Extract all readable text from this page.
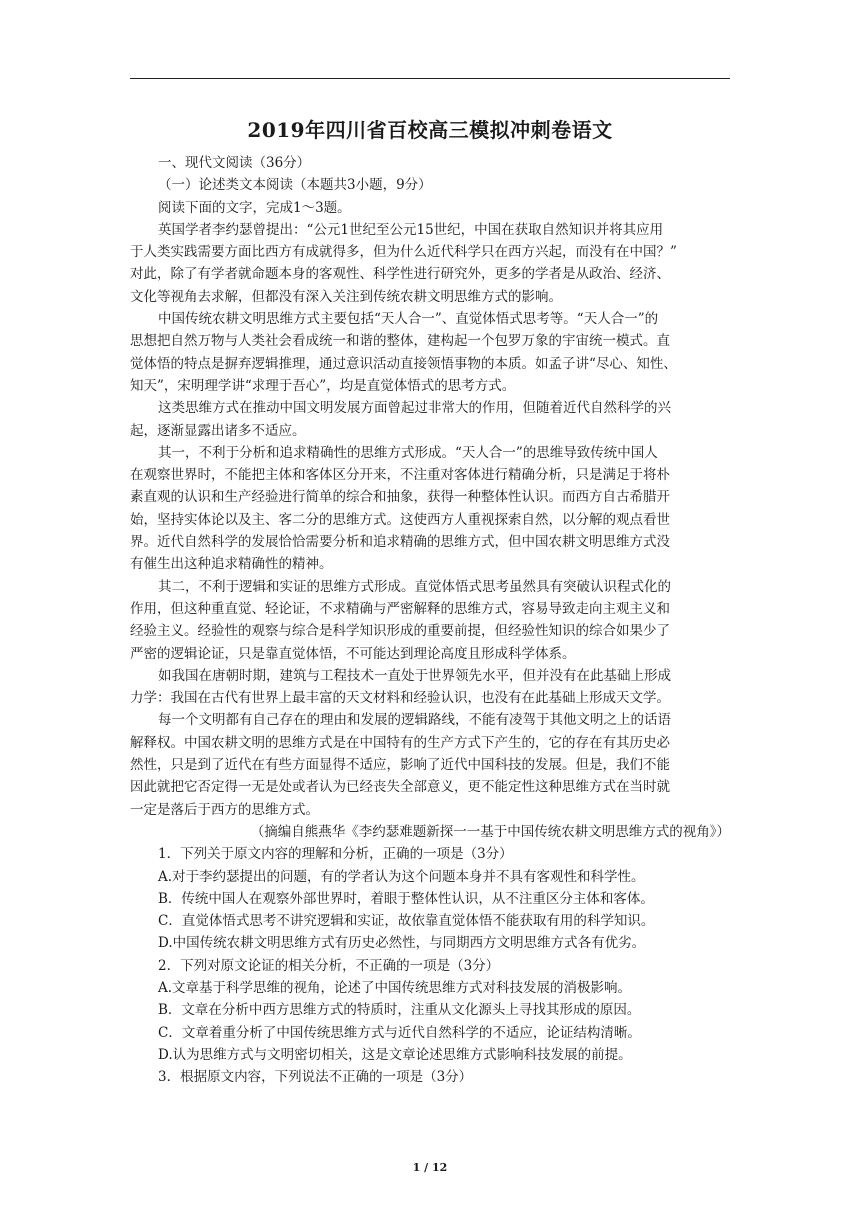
2019年四川省百校高三模拟冲刺卷语文
一、现代文阅读（36分）
（一）论述类文本阅读（本题共3小题，9分）
阅读下面的文字，完成1～3题。
英国学者李约瑟曾提出：“公元1世纪至公元15世纪，中国在获取自然知识并将其应用
于人类实践需要方面比西方有成就得多，但为什么近代科学只在西方兴起，而没有在中国？”
对此，除了有学者就命题本身的客观性、科学性进行研究外，更多的学者是从政治、经济、
文化等视角去求解，但都没有深入关注到传统农耕文明思维方式的影响。
中国传统农耕文明思维方式主要包括“天人合一”、直觉体悟式思考等。“天人合一”的
思想把自然万物与人类社会看成统一和谐的整体，建构起一个包罗万象的宇宙统一模式。直
觉体悟的特点是摒弃逻辑推理，通过意识活动直接领悟事物的本质。如孟子讲“尽心、知性、
知天”，宋明理学讲“求理于吾心”，均是直觉体悟式的思考方式。
这类思维方式在推动中国文明发展方面曾起过非常大的作用，但随着近代自然科学的兴
起，逐渐显露出诸多不适应。
其一，不利于分析和追求精确性的思维方式形成。“天人合一”的思维导致传统中国人
在观察世界时，不能把主体和客体区分开来，不注重对客体进行精确分析，只是满足于将朴
素直观的认识和生产经验进行简单的综合和抽象，获得一种整体性认识。而西方自古希腊开
始，坚持实体论以及主、客二分的思维方式。这使西方人重视探索自然，以分解的观点看世
界。近代自然科学的发展恰恰需要分析和追求精确的思维方式，但中国农耕文明思维方式没
有催生出这种追求精确性的精神。
其二，不利于逻辑和实证的思维方式形成。直觉体悟式思考虽然具有突破认识程式化的
作用，但这种重直觉、轻论证，不求精确与严密解释的思维方式，容易导致走向主观主义和
经验主义。经验性的观察与综合是科学知识形成的重要前提，但经验性知识的综合如果少了
严密的逻辑论证，只是靠直觉体悟，不可能达到理论高度且形成科学体系。
如我国在唐朝时期，建筑与工程技术一直处于世界领先水平，但并没有在此基础上形成
力学：我国在古代有世界上最丰富的天文材料和经验认识，也没有在此基础上形成天文学。
每一个文明都有自己存在的理由和发展的逻辑路线，不能有凌驾于其他文明之上的话语
解释权。中国农耕文明的思维方式是在中国特有的生产方式下产生的，它的存在有其历史必
然性，只是到了近代在有些方面显得不适应，影响了近代中国科技的发展。但是，我们不能
因此就把它否定得一无是处或者认为已经丧失全部意义，更不能定性这种思维方式在当时就
一定是落后于西方的思维方式。
（摘编自熊燕华《李约瑟难题新探一一基于中国传统农耕文明思维方式的视角》）
1．下列关于原文内容的理解和分析，正确的一项是（3分）
A.对于李约瑟提出的问题，有的学者认为这个问题本身并不具有客观性和科学性。
B．传统中国人在观察外部世界时，着眼于整体性认识，从不注重区分主体和客体。
C．直觉体悟式思考不讲究逻辑和实证，故依靠直觉体悟不能获取有用的科学知识。
D.中国传统农耕文明思维方式有历史必然性，与同期西方文明思维方式各有优劣。
2．下列对原文论证的相关分析，不正确的一项是（3分）
A.文章基于科学思维的视角，论述了中国传统思维方式对科技发展的消极影响。
B．文章在分析中西方思维方式的特质时，注重从文化源头上寻找其形成的原因。
C．文章着重分析了中国传统思维方式与近代自然科学的不适应，论证结构清晰。
D.认为思维方式与文明密切相关，这是文章论述思维方式影响科技发展的前提。
3．根据原文内容，下列说法不正确的一项是（3分）
1 / 12
